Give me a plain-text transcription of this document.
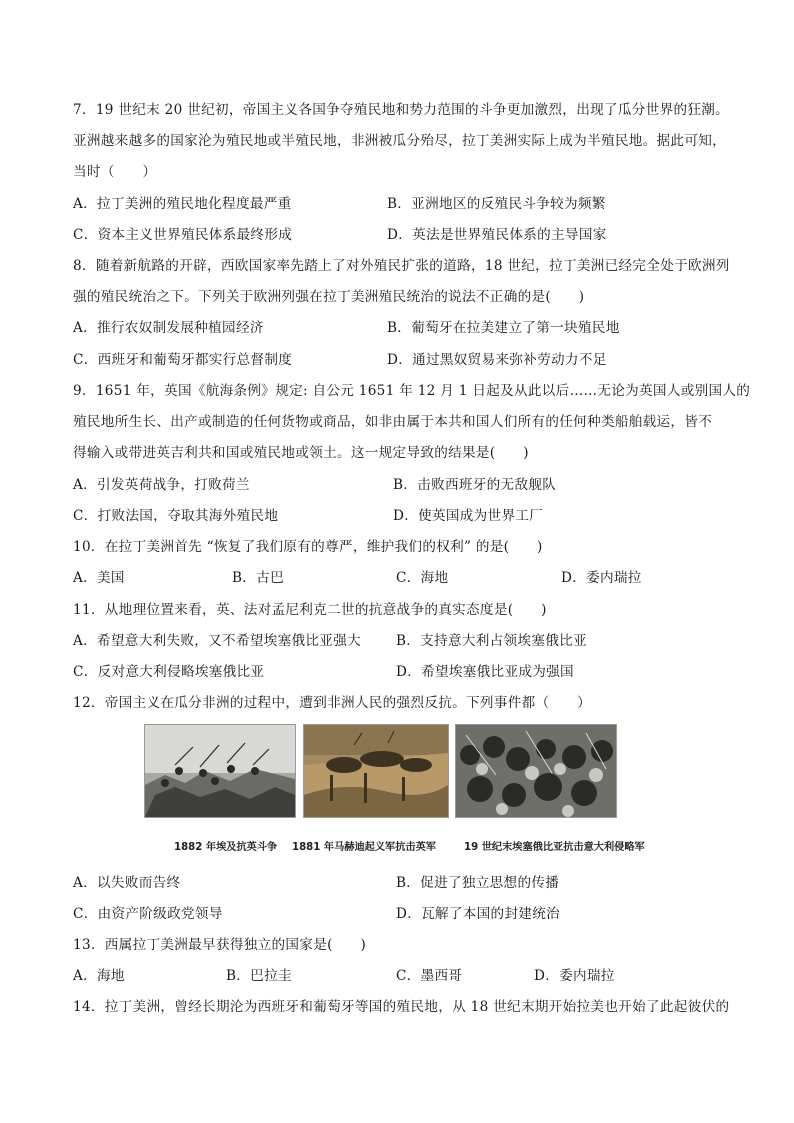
7．19 世纪末 20 世纪初，帝国主义各国争夺殖民地和势力范围的斗争更加激烈，出现了瓜分世界的狂潮。
亚洲越来越多的国家沦为殖民地或半殖民地，非洲被瓜分殆尽，拉丁美洲实际上成为半殖民地。据此可知，
当时（　　）
A．拉丁美洲的殖民地化程度最严重	B．亚洲地区的反殖民斗争较为频繁
C．资本主义世界殖民体系最终形成	D．英法是世界殖民体系的主导国家
8．随着新航路的开辟，西欧国家率先踏上了对外殖民扩张的道路，18 世纪，拉丁美洲已经完全处于欧洲列
强的殖民统治之下。下列关于欧洲列强在拉丁美洲殖民统治的说法不正确的是(　　)
A．推行农奴制发展种植园经济	B．葡萄牙在拉美建立了第一块殖民地
C．西班牙和葡萄牙都实行总督制度	D．通过黑奴贸易来弥补劳动力不足
9．1651 年，英国《航海条例》规定: 自公元 1651 年 12 月 1 日起及从此以后……无论为英国人或别国人的
殖民地所生长、出产或制造的任何货物或商品，如非由属于本共和国人们所有的任何种类船舶载运，皆不
得输入或带进英吉利共和国或殖民地或领土。这一规定导致的结果是(　　)
A．引发英荷战争，打败荷兰	B．击败西班牙的无敌舰队
C．打败法国，夺取其海外殖民地	D．使英国成为世界工厂
10．在拉丁美洲首先 “恢复了我们原有的尊严，维护我们的权利” 的是(　　)
A．美国	B．古巴	C．海地	D．委内瑞拉
11．从地理位置来看，英、法对孟尼利克二世的抗意战争的真实态度是(　　)
A．希望意大利失败，又不希望埃塞俄比亚强大	B．支持意大利占领埃塞俄比亚
C．反对意大利侵略埃塞俄比亚	D．希望埃塞俄比亚成为强国
12．帝国主义在瓜分非洲的过程中，遭到非洲人民的强烈反抗。下列事件都（　　）
1882 年埃及抗英斗争 1881 年马赫迪起义军抗击英军	19 世纪末埃塞俄比亚抗击意大利侵略军
A．以失败而告终	B．促进了独立思想的传播
C．由资产阶级政党领导	D．瓦解了本国的封建统治
13．西属拉丁美洲最早获得独立的国家是(　　)
A．海地	B．巴拉圭	C．墨西哥	D．委内瑞拉
14．拉丁美洲，曾经长期沦为西班牙和葡萄牙等国的殖民地，从 18 世纪末期开始拉美也开始了此起彼伏的
